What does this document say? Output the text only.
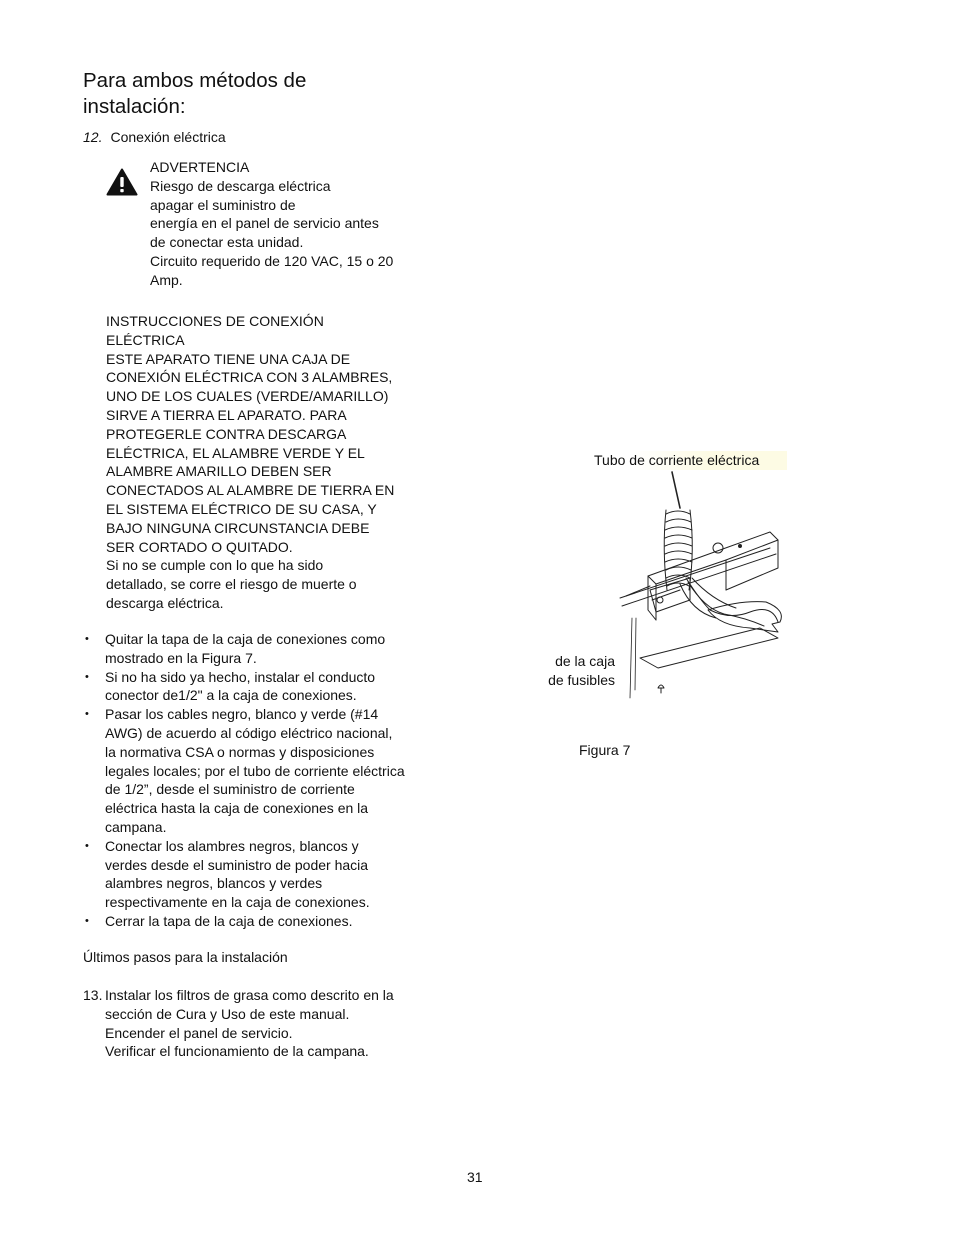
Para ambos métodos de
instalación:
12. Conexión eléctrica
ADVERTENCIA
Riesgo de descarga eléctrica
apagar el suministro de
energía en el panel de servicio antes
de conectar esta unidad.
Circuito requerido de 120 VAC, 15 o 20
Amp.
INSTRUCCIONES DE CONEXIÓN
ELÉCTRICA
ESTE APARATO TIENE UNA CAJA DE
CONEXIÓN ELÉCTRICA CON 3 ALAMBRES,
UNO DE LOS CUALES (VERDE/AMARILLO)
SIRVE A TIERRA EL APARATO. PARA
PROTEGERLE CONTRA DESCARGA
ELÉCTRICA, EL ALAMBRE VERDE Y EL
ALAMBRE AMARILLO DEBEN SER
CONECTADOS AL ALAMBRE DE TIERRA EN
EL SISTEMA ELÉCTRICO DE SU CASA, Y
BAJO NINGUNA CIRCUNSTANCIA DEBE
SER CORTADO O QUITADO.
Si no se cumple con lo que ha sido
detallado, se corre el riesgo de muerte o
descarga eléctrica.
• Quitar la tapa de la caja de conexiones como
mostrado en la Figura 7.
• Si no ha sido ya hecho, instalar el conducto
conector de1/2" a la caja de conexiones.
• Pasar los cables negro, blanco y verde (#14
AWG) de acuerdo al código eléctrico nacional,
la normativa CSA o normas y disposiciones
legales locales; por el tubo de corriente eléctrica
de 1/2”, desde el suministro de corriente
eléctrica hasta la caja de conexiones en la
campana.
• Conectar los alambres negros, blancos y
verdes desde el suministro de poder hacia
alambres negros, blancos y verdes
respectivamente en la caja de conexiones.
• Cerrar la tapa de la caja de conexiones.
Últimos pasos para la instalación
13. Instalar los filtros de grasa como descrito en la
sección de Cura y Uso de este manual.
Encender el panel de servicio.
Verificar el funcionamiento de la campana.
Tubo de corriente eléctrica
de la caja
de fusibles
Figura 7
31
